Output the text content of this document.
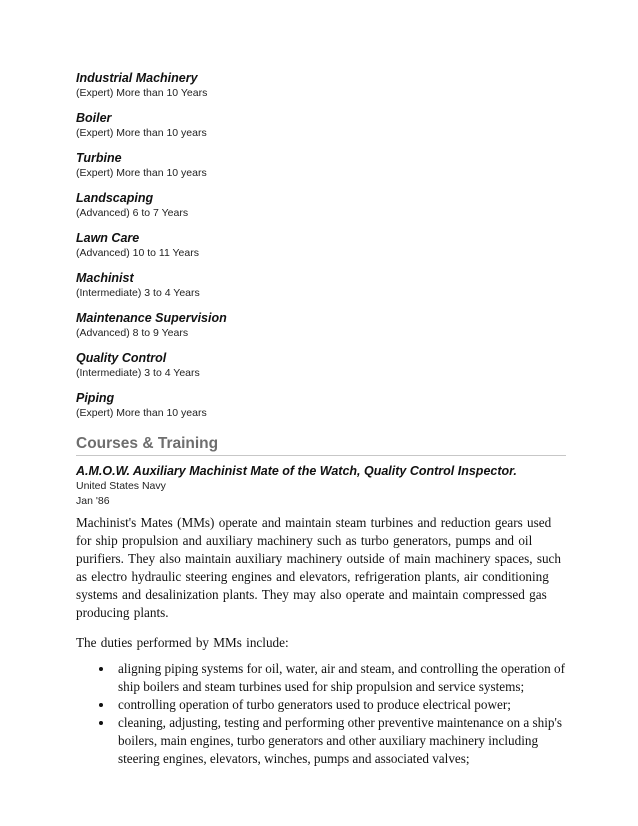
Industrial Machinery
(Expert) More than 10 Years
Boiler
(Expert) More than 10 years
Turbine
(Expert) More than 10 years
Landscaping
(Advanced) 6 to 7 Years
Lawn Care
(Advanced) 10 to 11 Years
Machinist
(Intermediate) 3 to 4 Years
Maintenance Supervision
(Advanced) 8 to 9 Years
Quality Control
(Intermediate) 3 to 4 Years
Piping
(Expert) More than 10 years
Courses & Training
A.M.O.W. Auxiliary Machinist Mate of the Watch, Quality Control Inspector.
United States Navy
Jan '86

Machinist's Mates (MMs) operate and maintain steam turbines and reduction gears used for ship propulsion and auxiliary machinery such as turbo generators, pumps and oil purifiers. They also maintain auxiliary machinery outside of main machinery spaces, such as electro hydraulic steering engines and elevators, refrigeration plants, air conditioning systems and desalinization plants. They may also operate and maintain compressed gas producing plants.

The duties performed by MMs include:

• aligning piping systems for oil, water, air and steam, and controlling the operation of ship boilers and steam turbines used for ship propulsion and service systems;
• controlling operation of turbo generators used to produce electrical power;
• cleaning, adjusting, testing and performing other preventive maintenance on a ship's boilers, main engines, turbo generators and other auxiliary machinery including steering engines, elevators, winches, pumps and associated valves;
